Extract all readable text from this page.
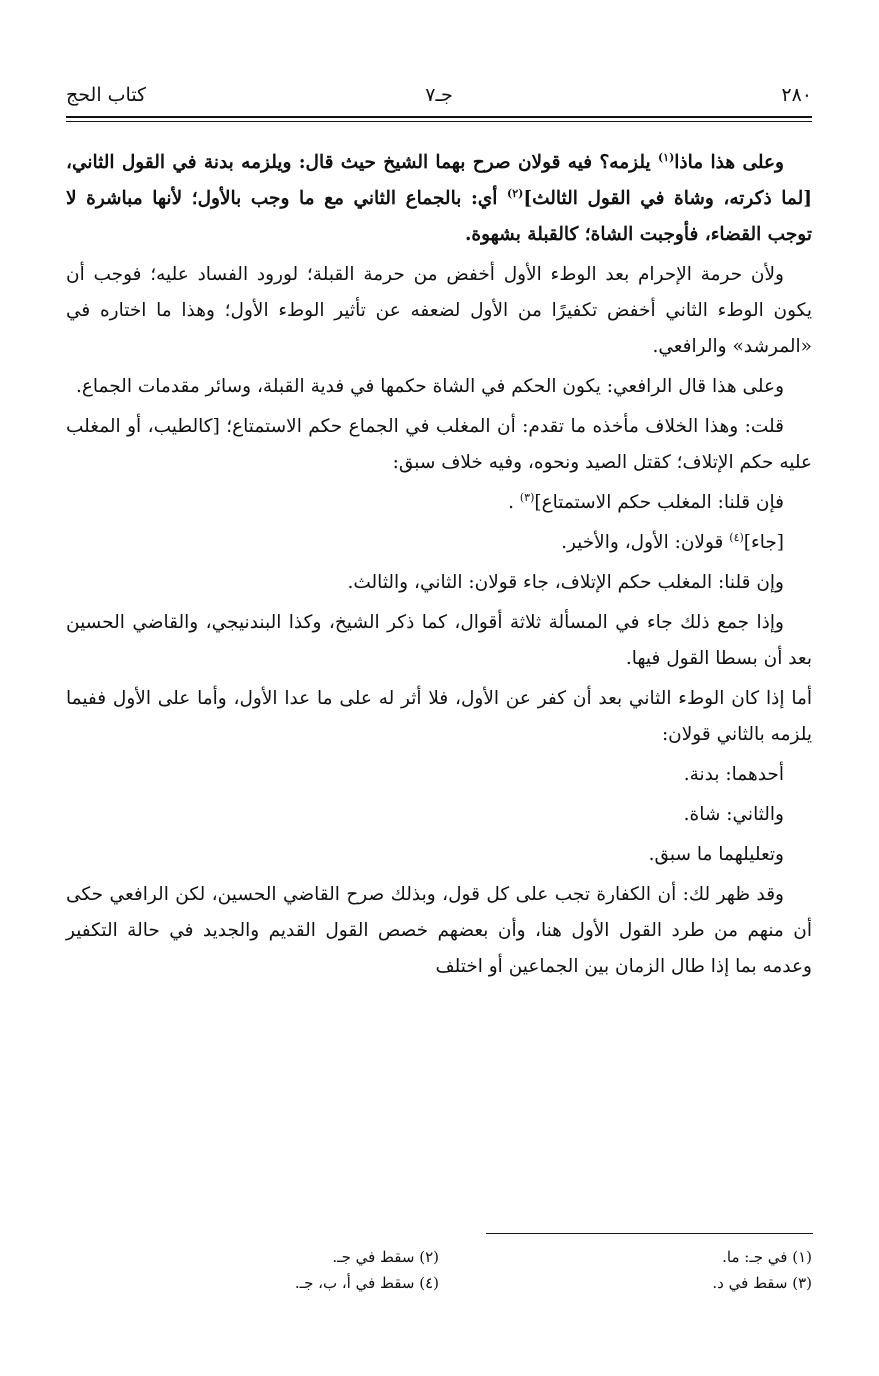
٢٨٠
جـ٧
كتاب الحج

وعلى هذا ماذا$^{(١)}$ يلزمه؟ فيه قولان صرح بهما الشيخ حيث قال: ويلزمه بدنة في القول الثاني، [لما ذكرته، وشاة في القول الثالث]$^{(٢)}$ أي: بالجماع الثاني مع ما وجب بالأول؛ لأنها مباشرة لا توجب القضاء، فأوجبت الشاة؛ كالقبلة بشهوة.

ولأن حرمة الإحرام بعد الوطء الأول أخفض من حرمة القبلة؛ لورود الفساد عليه؛ فوجب أن يكون الوطء الثاني أخفض تكفيرًا من الأول لضعفه عن تأثير الوطء الأول؛ وهذا ما اختاره في «المرشد» والرافعي.

وعلى هذا قال الرافعي: يكون الحكم في الشاة حكمها في فدية القبلة، وسائر مقدمات الجماع.

قلت: وهذا الخلاف مأخذه ما تقدم: أن المغلب في الجماع حكم الاستمتاع؛ [كالطيب، أو المغلب عليه حكم الإتلاف؛ كقتل الصيد ونحوه، وفيه خلاف سبق:

فإن قلنا: المغلب حكم الاستمتاع]$^{(٣)}$ .

[جاء]$^{(٤)}$ قولان: الأول، والأخير.

وإن قلنا: المغلب حكم الإتلاف، جاء قولان: الثاني، والثالث.

وإذا جمع ذلك جاء في المسألة ثلاثة أقوال، كما ذكر الشيخ، وكذا البندنيجي، والقاضي الحسين بعد أن بسطا القول فيها.

أما إذا كان الوطء الثاني بعد أن كفر عن الأول، فلا أثر له على ما عدا الأول، وأما على الأول ففيما يلزمه بالثاني قولان:

أحدهما: بدنة.

والثاني: شاة.

وتعليلهما ما سبق.

وقد ظهر لك: أن الكفارة تجب على كل قول، وبذلك صرح القاضي الحسين، لكن الرافعي حكى أن منهم من طرد القول الأول هنا، وأن بعضهم خصص القول القديم والجديد في حالة التكفير وعدمه بما إذا طال الزمان بين الجماعين أو اختلف

(١) في جـ: ما.
(٢) سقط في جـ.
(٣) سقط في د.
(٤) سقط في أ، ب، جـ.
